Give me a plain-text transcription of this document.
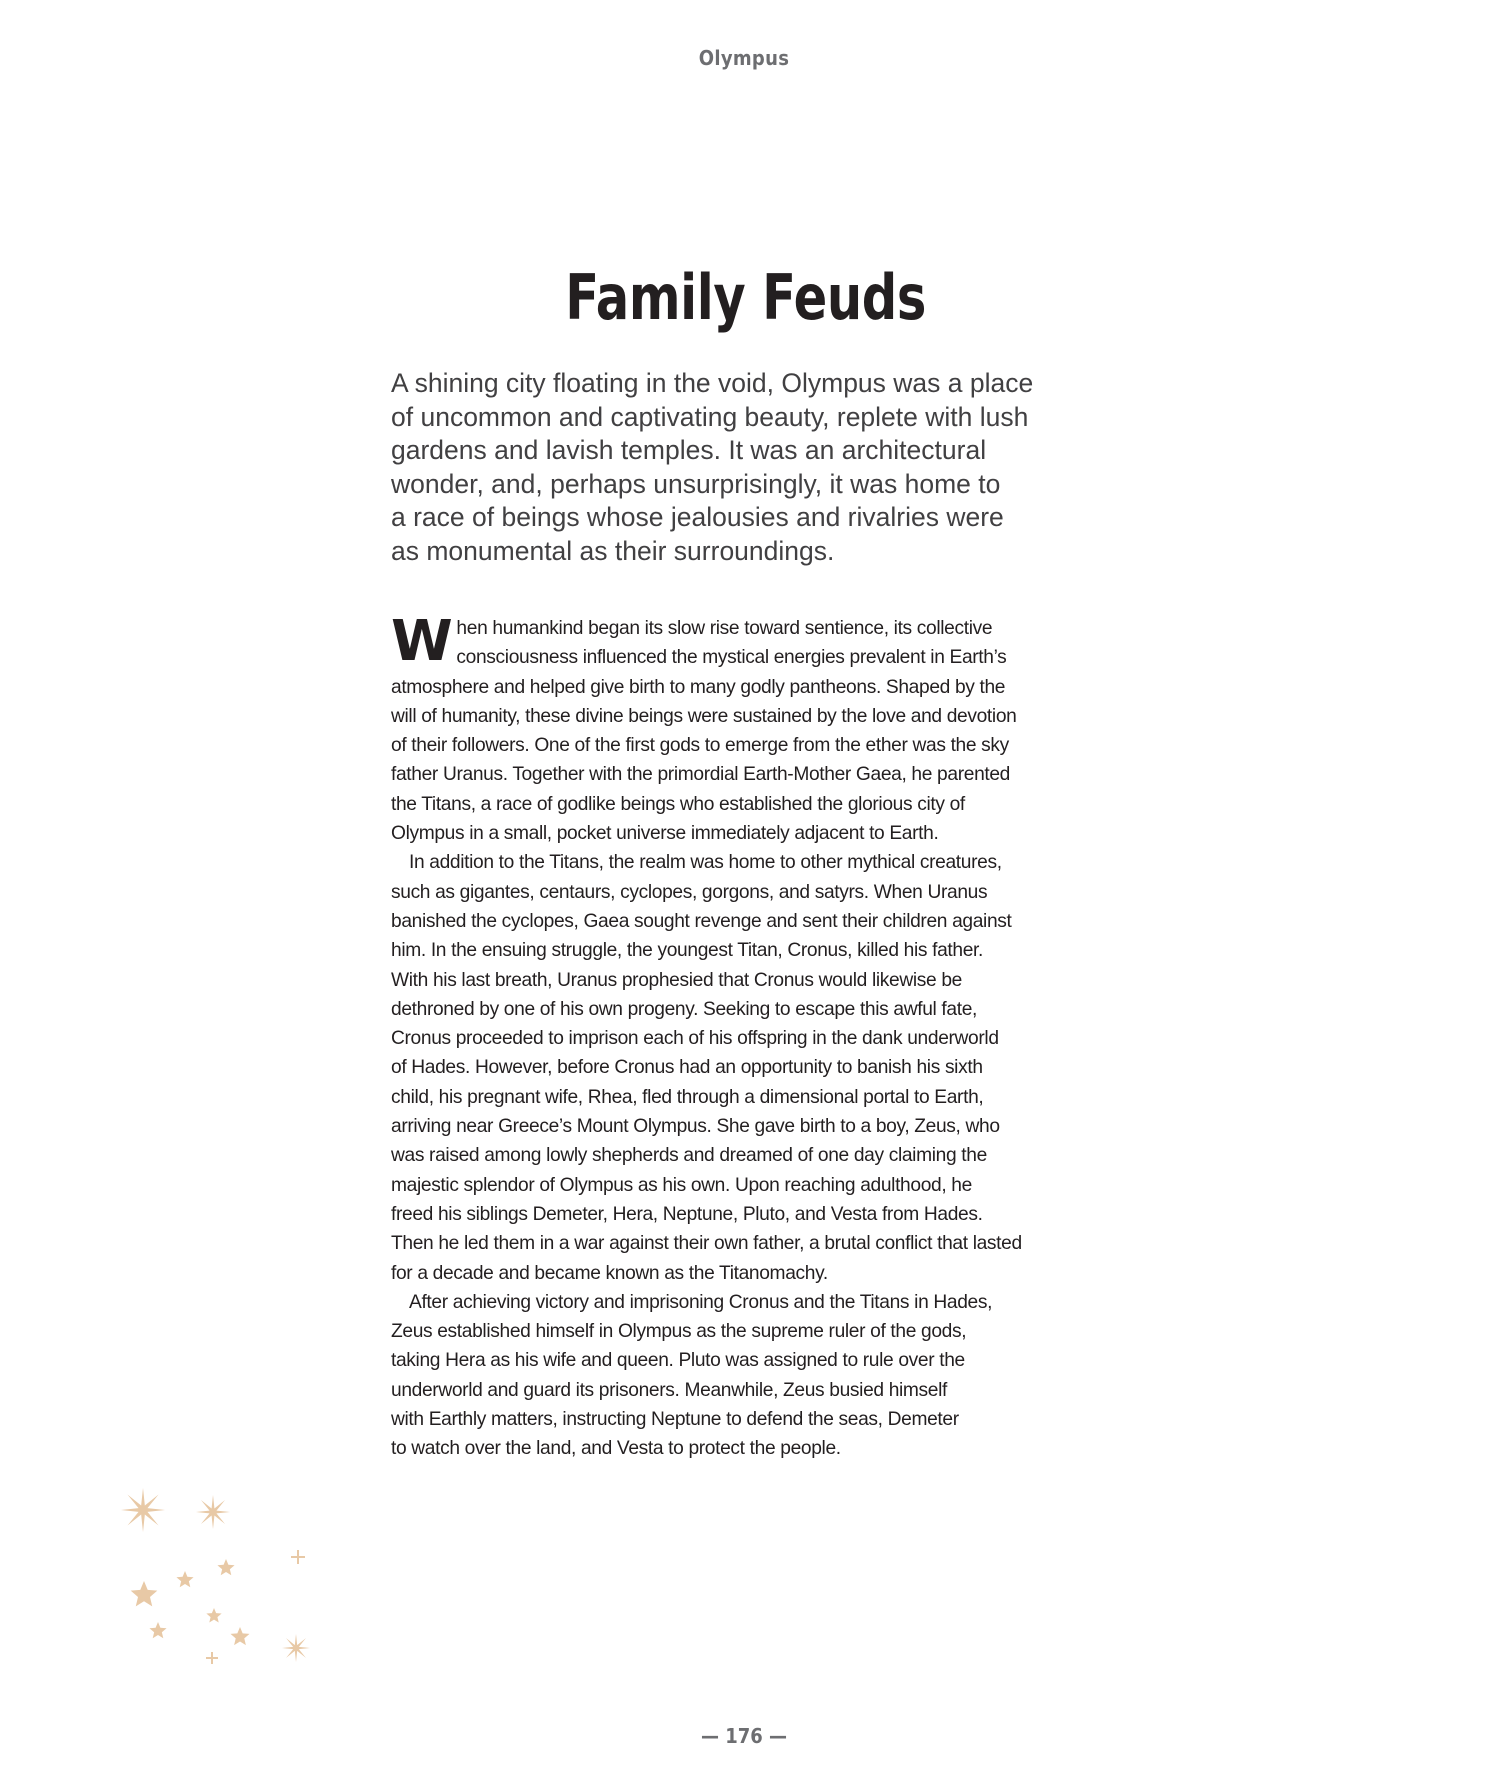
Olympus
Family Feuds
A shining city floating in the void, Olympus was a place
of uncommon and captivating beauty, replete with lush
gardens and lavish temples. It was an architectural
wonder, and, perhaps unsurprisingly, it was home to
a race of beings whose jealousies and rivalries were
as monumental as their surroundings.

W hen humankind began its slow rise toward sentience, its collective
consciousness influenced the mystical energies prevalent in Earth’s
atmosphere and helped give birth to many godly pantheons. Shaped by the
will of humanity, these divine beings were sustained by the love and devotion
of their followers. One of the first gods to emerge from the ether was the sky
father Uranus. Together with the primordial Earth-Mother Gaea, he parented
the Titans, a race of godlike beings who established the glorious city of
Olympus in a small, pocket universe immediately adjacent to Earth.

In addition to the Titans, the realm was home to other mythical creatures,
such as gigantes, centaurs, cyclopes, gorgons, and satyrs. When Uranus
banished the cyclopes, Gaea sought revenge and sent their children against
him. In the ensuing struggle, the youngest Titan, Cronus, killed his father.
With his last breath, Uranus prophesied that Cronus would likewise be
dethroned by one of his own progeny. Seeking to escape this awful fate,
Cronus proceeded to imprison each of his offspring in the dank underworld
of Hades. However, before Cronus had an opportunity to banish his sixth
child, his pregnant wife, Rhea, fled through a dimensional portal to Earth,
arriving near Greece’s Mount Olympus. She gave birth to a boy, Zeus, who
was raised among lowly shepherds and dreamed of one day claiming the
majestic splendor of Olympus as his own. Upon reaching adulthood, he
freed his siblings Demeter, Hera, Neptune, Pluto, and Vesta from Hades.
Then he led them in a war against their own father, a brutal conflict that lasted
for a decade and became known as the Titanomachy.

After achieving victory and imprisoning Cronus and the Titans in Hades,
Zeus established himself in Olympus as the supreme ruler of the gods,
taking Hera as his wife and queen. Pluto was assigned to rule over the
underworld and guard its prisoners. Meanwhile, Zeus busied himself
with Earthly matters, instructing Neptune to defend the seas, Demeter
to watch over the land, and Vesta to protect the people.

— 176 —
